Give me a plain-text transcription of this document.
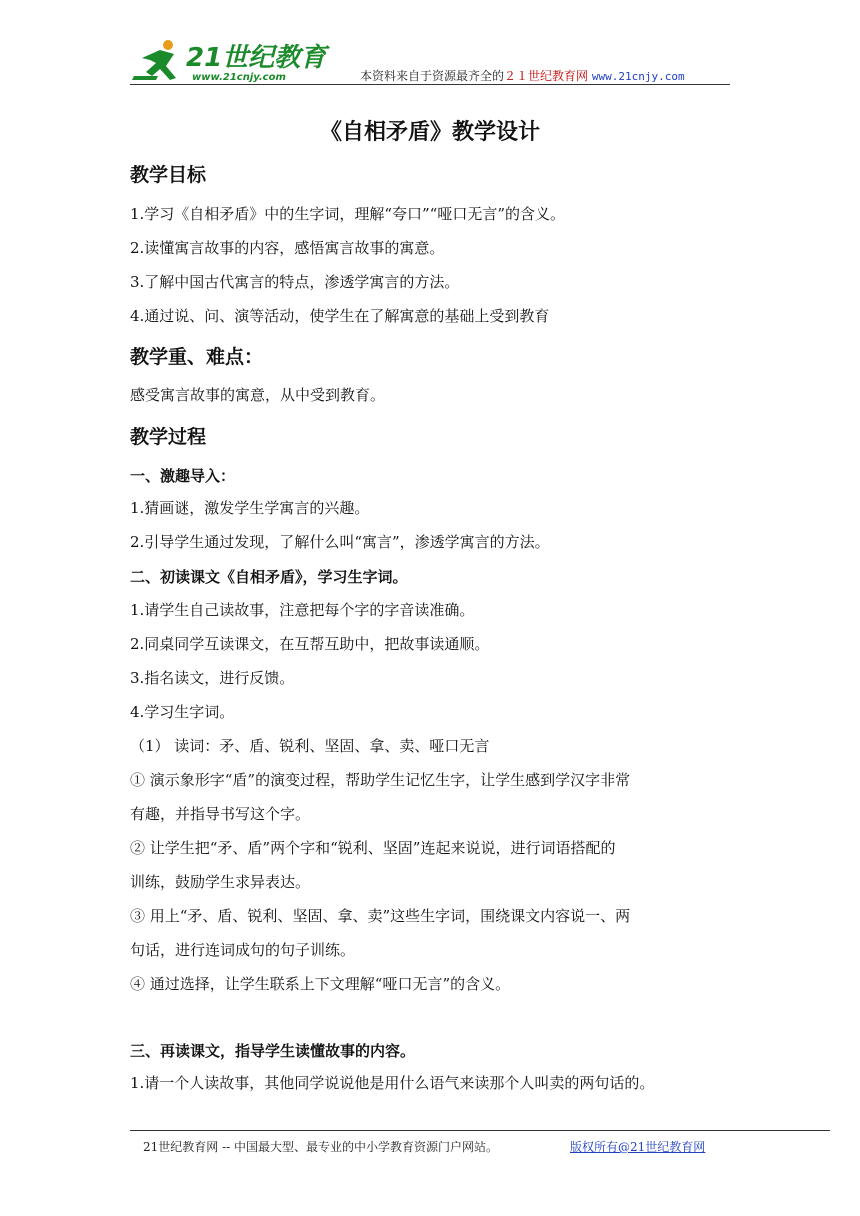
21世纪教育
www.21cnjy.com	本资料来自于资源最齐全的２１世纪教育网 www.21cnjy.com
《自相矛盾》教学设计
教学目标

1.学习《自相矛盾》中的生字词，理解“夸口”“哑口无言”的含义。

2.读懂寓言故事的内容，感悟寓言故事的寓意。

3.了解中国古代寓言的特点，渗透学寓言的方法。

4.通过说、问、演等活动，使学生在了解寓意的基础上受到教育

教学重、难点：

感受寓言故事的寓意，从中受到教育。

教学过程
一、激趣导入：

1.猜画谜，激发学生学寓言的兴趣。

2.引导学生通过发现，了解什么叫“寓言”，渗透学寓言的方法。

二、初读课文《自相矛盾》，学习生字词。

1.请学生自己读故事，注意把每个字的字音读准确。

2.同桌同学互读课文，在互帮互助中，把故事读通顺。

3.指名读文，进行反馈。

4.学习生字词。

（1） 读词：矛、盾、锐利、坚固、拿、卖、哑口无言

① 演示象形字“盾”的演变过程，帮助学生记忆生字，让学生感到学汉字非常

有趣，并指导书写这个字。

② 让学生把“矛、盾”两个字和“锐利、坚固”连起来说说，进行词语搭配的

训练，鼓励学生求异表达。

③ 用上“矛、盾、锐利、坚固、拿、卖”这些生字词，围绕课文内容说一、两

句话，进行连词成句的句子训练。

④ 通过选择，让学生联系上下文理解“哑口无言”的含义。

三、再读课文，指导学生读懂故事的内容。

1.请一个人读故事，其他同学说说他是用什么语气来读那个人叫卖的两句话的。

21世纪教育网 -- 中国最大型、最专业的中小学教育资源门户网站。	版权所有@21世纪教育网
